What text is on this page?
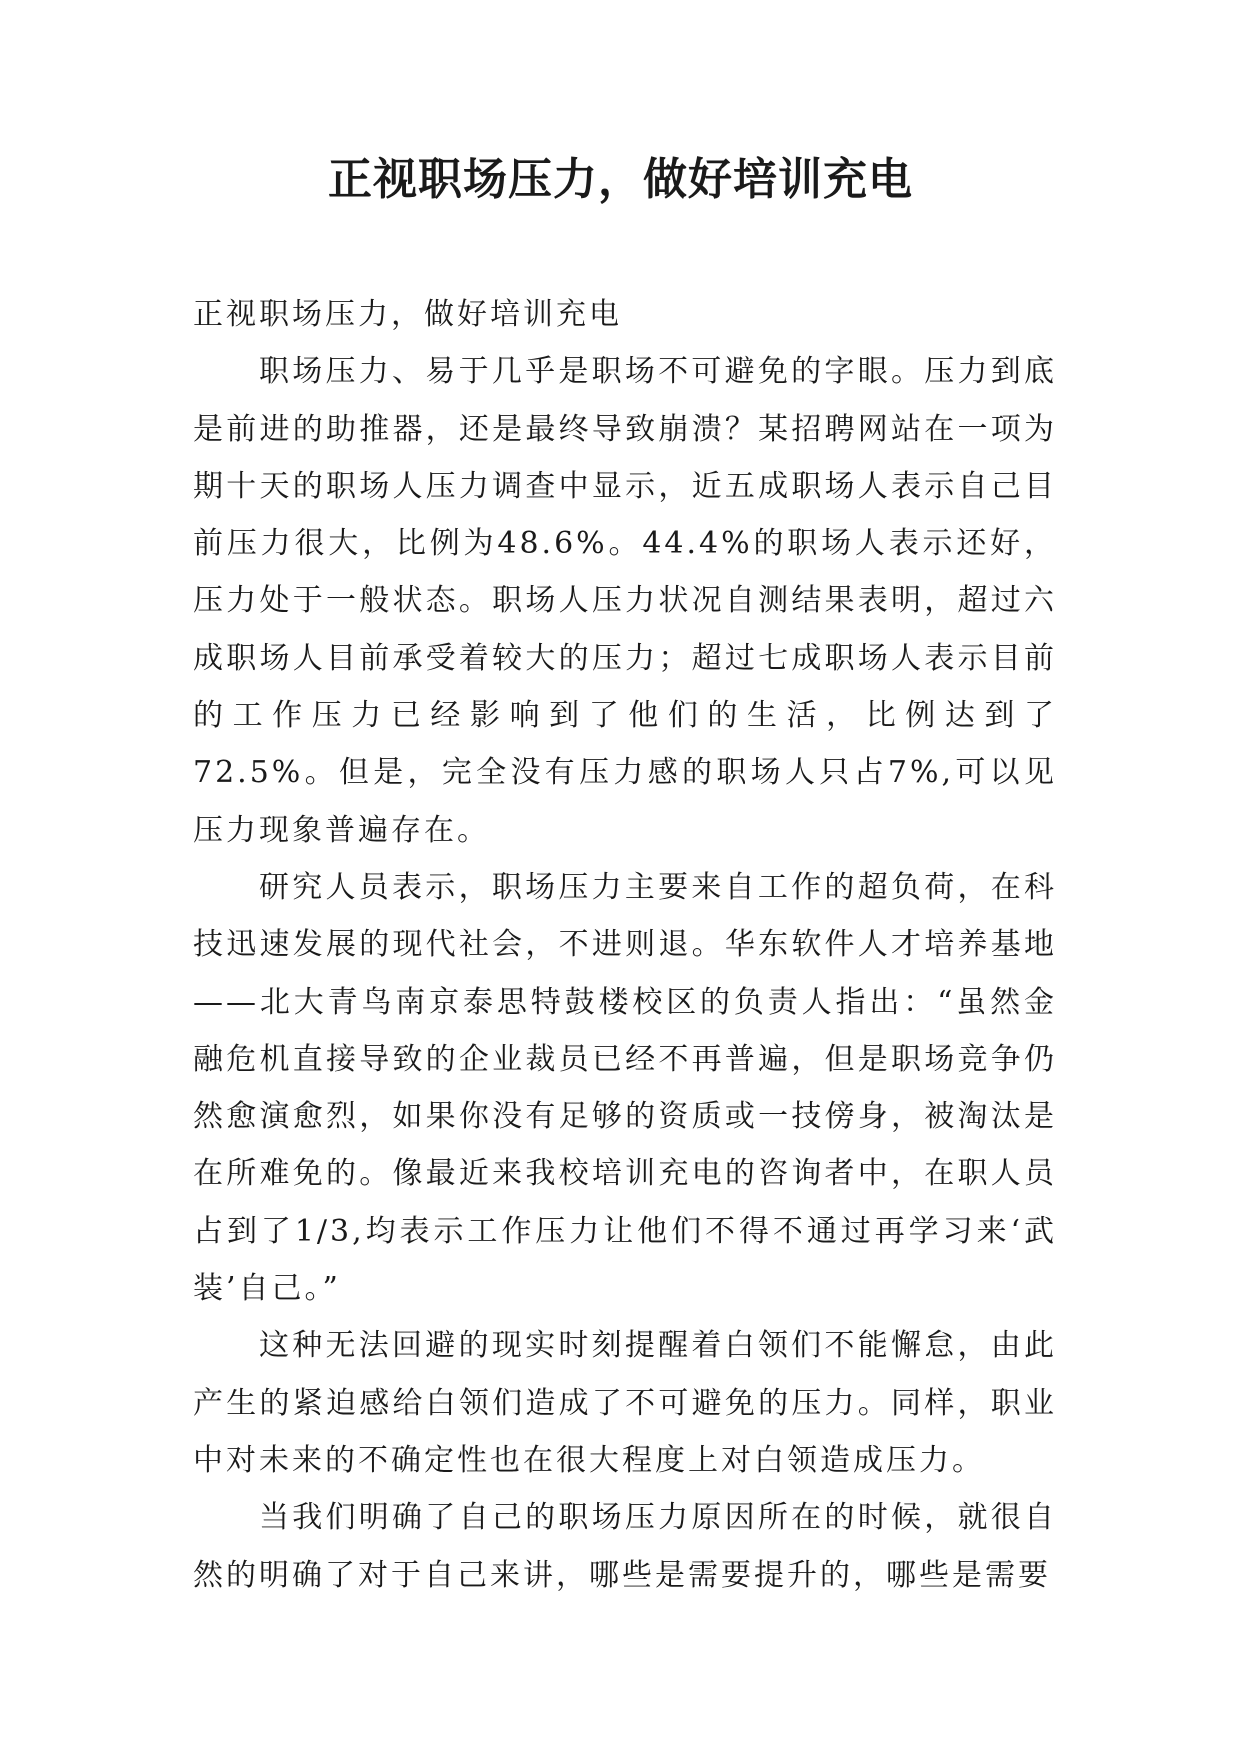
正视职场压力，做好培训充电

正视职场压力，做好培训充电

职场压力、易于几乎是职场不可避免的字眼。压力到底是前进的助推器，还是最终导致崩溃？某招聘网站在一项为期十天的职场人压力调查中显示，近五成职场人表示自己目前压力很大，比例为48.6%。44.4%的职场人表示还好，压力处于一般状态。职场人压力状况自测结果表明，超过六成职场人目前承受着较大的压力；超过七成职场人表示目前的工作压力已经影响到了他们的生活，比例达到了72.5%。但是，完全没有压力感的职场人只占7%,可以见压力现象普遍存在。

研究人员表示，职场压力主要来自工作的超负荷，在科技迅速发展的现代社会，不进则退。华东软件人才培养基地——北大青鸟南京泰思特鼓楼校区的负责人指出：“虽然金融危机直接导致的企业裁员已经不再普遍，但是职场竞争仍然愈演愈烈，如果你没有足够的资质或一技傍身，被淘汰是在所难免的。像最近来我校培训充电的咨询者中，在职人员占到了1/3,均表示工作压力让他们不得不通过再学习来‘武装’自己。”

这种无法回避的现实时刻提醒着白领们不能懈怠，由此产生的紧迫感给白领们造成了不可避免的压力。同样，职业中对未来的不确定性也在很大程度上对白领造成压力。

当我们明确了自己的职场压力原因所在的时候，就很自然的明确了对于自己来讲，哪些是需要提升的，哪些是需要
